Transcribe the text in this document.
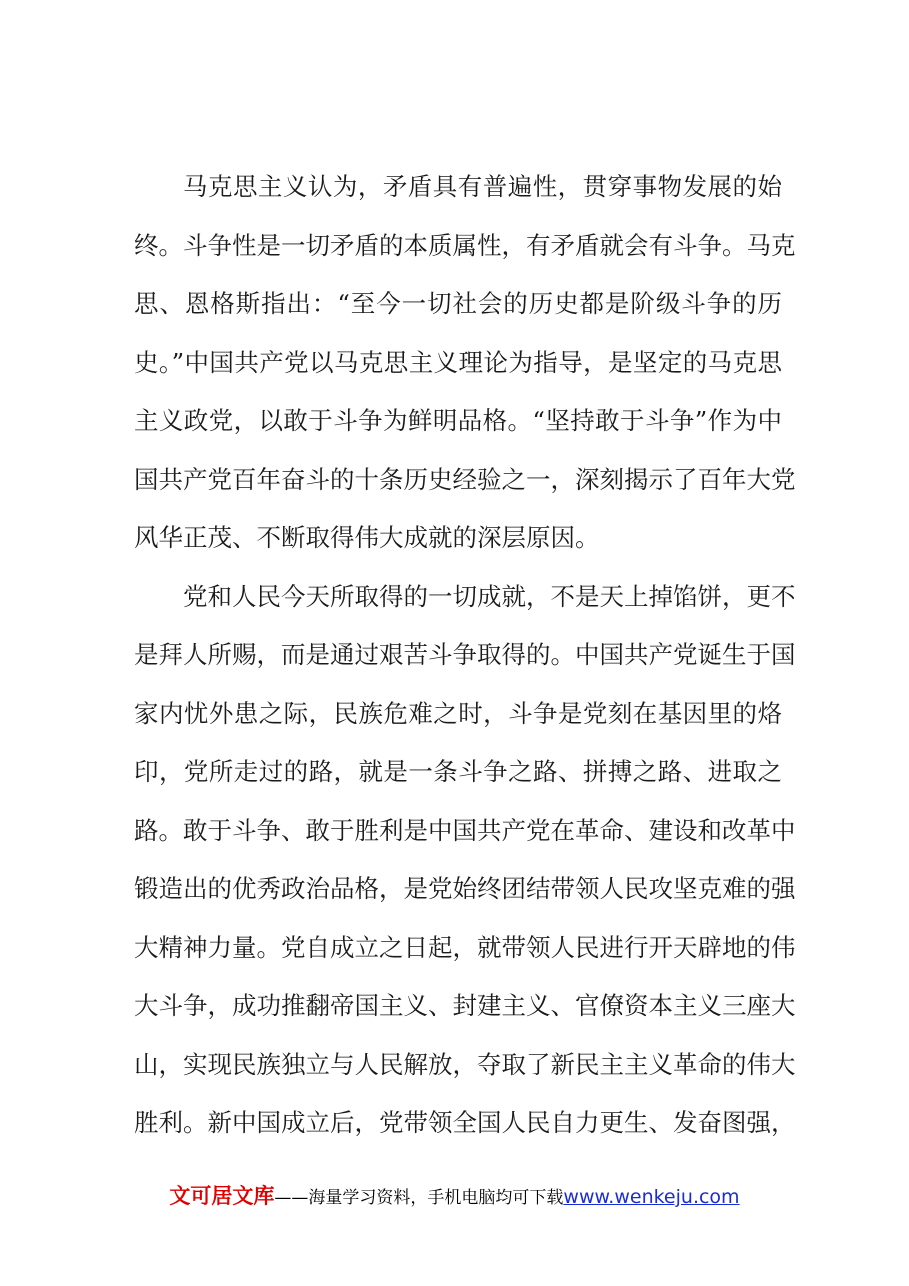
马克思主义认为，矛盾具有普遍性，贯穿事物发展的始
终。斗争性是一切矛盾的本质属性，有矛盾就会有斗争。马克
思、恩格斯指出：“至今一切社会的历史都是阶级斗争的历
史。”中国共产党以马克思主义理论为指导，是坚定的马克思
主义政党，以敢于斗争为鲜明品格。“坚持敢于斗争”作为中
国共产党百年奋斗的十条历史经验之一，深刻揭示了百年大党
风华正茂、不断取得伟大成就的深层原因。
党和人民今天所取得的一切成就，不是天上掉馅饼，更不
是拜人所赐，而是通过艰苦斗争取得的。中国共产党诞生于国
家内忧外患之际，民族危难之时，斗争是党刻在基因里的烙
印，党所走过的路，就是一条斗争之路、拼搏之路、进取之
路。敢于斗争、敢于胜利是中国共产党在革命、建设和改革中
锻造出的优秀政治品格，是党始终团结带领人民攻坚克难的强
大精神力量。党自成立之日起，就带领人民进行开天辟地的伟
大斗争，成功推翻帝国主义、封建主义、官僚资本主义三座大
山，实现民族独立与人民解放，夺取了新民主主义革命的伟大
胜利。新中国成立后，党带领全国人民自力更生、发奋图强，
文可居文库——海量学习资料，手机电脑均可下载www.wenkeju.com
